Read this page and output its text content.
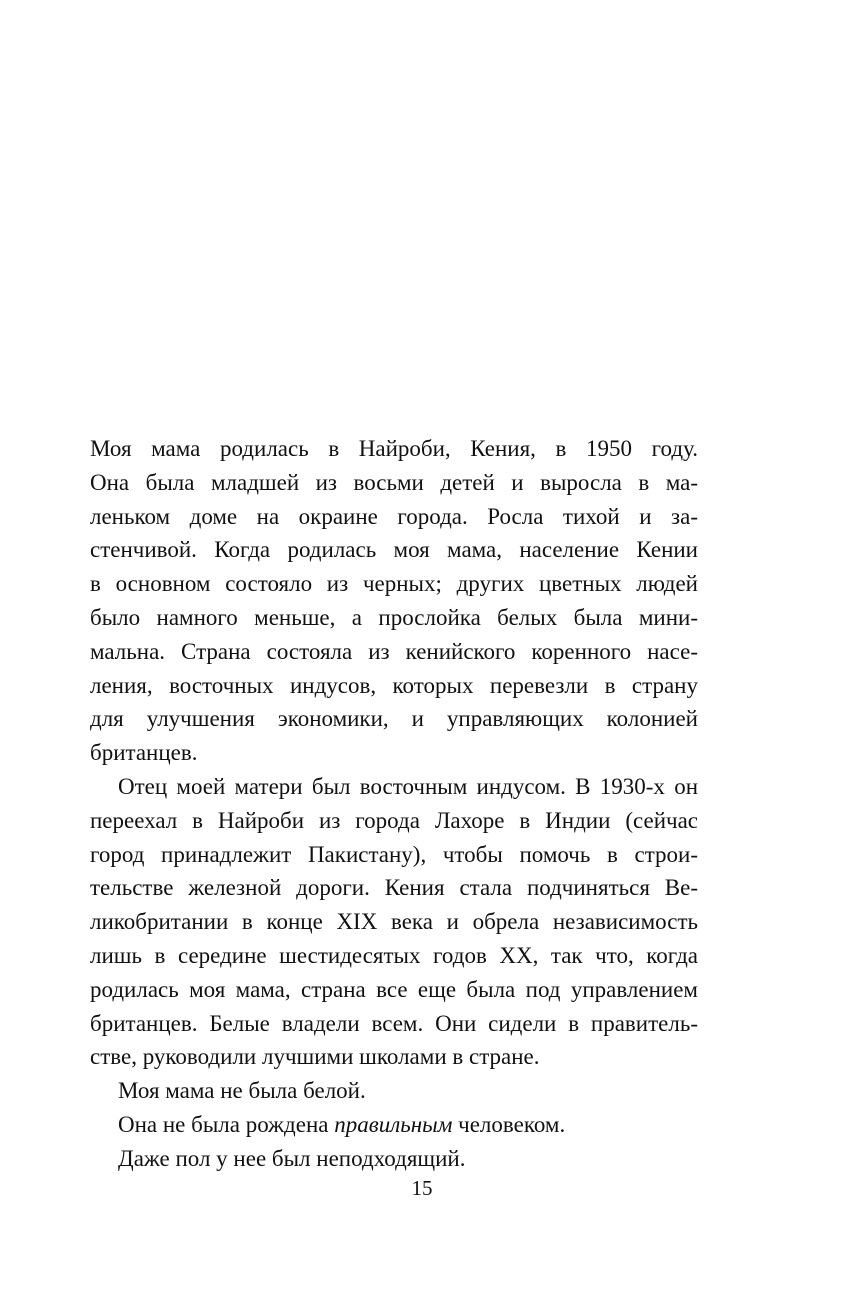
Моя мама родилась в Найроби, Кения, в 1950 году.
Она была младшей из восьми детей и выросла в ма-
леньком доме на окраине города. Росла тихой и за-
стенчивой. Когда родилась моя мама, население Кении
в основном состояло из черных; других цветных людей
было намного меньше, а прослойка белых была мини-
мальна. Страна состояла из кенийского коренного насе-
ления, восточных индусов, которых перевезли в страну
для улучшения экономики, и управляющих колонией
британцев.
Отец моей матери был восточным индусом. В 1930-х он
переехал в Найроби из города Лахоре в Индии (сейчас
город принадлежит Пакистану), чтобы помочь в строи-
тельстве железной дороги. Кения стала подчиняться Ве-
ликобритании в конце XIX века и обрела независимость
лишь в середине шестидесятых годов XX, так что, когда
родилась моя мама, страна все еще была под управлением
британцев. Белые владели всем. Они сидели в правитель-
стве, руководили лучшими школами в стране.
Моя мама не была белой.
Она не была рождена правильным человеком.
Даже пол у нее был неподходящий.
15
